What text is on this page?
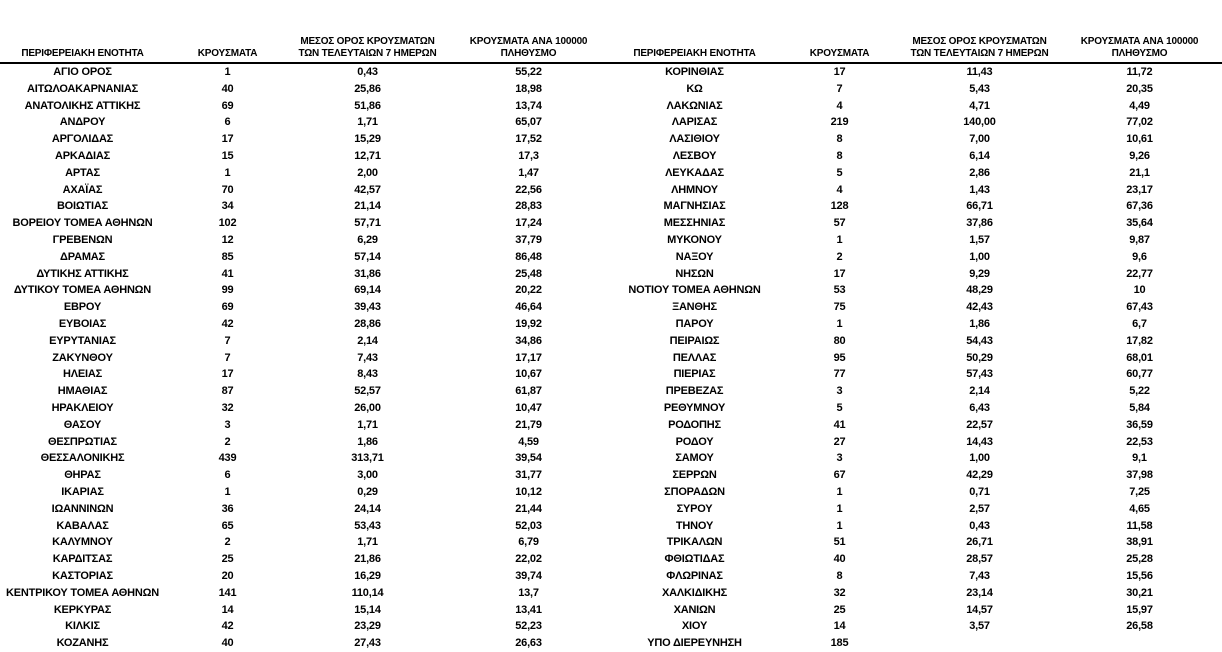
ΠΕΡΙΦΕΡΕΙΑΚΗ ΕΝΟΤΗΤΑ	ΚΡΟΥΣΜΑΤΑ	ΜΕΣΟΣ ΟΡΟΣ ΚΡΟΥΣΜΑΤΩΝ ΤΩΝ ΤΕΛΕΥΤΑΙΩΝ 7 ΗΜΕΡΩΝ	ΚΡΟΥΣΜΑΤΑ ΑΝΑ 100000 ΠΛΗΘΥΣΜΟ
ΑΓΙΟ ΟΡΟΣ	1	0,43	55,22
ΑΙΤΩΛΟΑΚΑΡΝΑΝΙΑΣ	40	25,86	18,98
ΑΝΑΤΟΛΙΚΗΣ ΑΤΤΙΚΗΣ	69	51,86	13,74
ΑΝΔΡΟΥ	6	1,71	65,07
ΑΡΓΟΛΙΔΑΣ	17	15,29	17,52
ΑΡΚΑΔΙΑΣ	15	12,71	17,3
ΑΡΤΑΣ	1	2,00	1,47
ΑΧΑΪΑΣ	70	42,57	22,56
ΒΟΙΩΤΙΑΣ	34	21,14	28,83
ΒΟΡΕΙΟΥ ΤΟΜΕΑ ΑΘΗΝΩΝ	102	57,71	17,24
ΓΡΕΒΕΝΩΝ	12	6,29	37,79
ΔΡΑΜΑΣ	85	57,14	86,48
ΔΥΤΙΚΗΣ ΑΤΤΙΚΗΣ	41	31,86	25,48
ΔΥΤΙΚΟΥ ΤΟΜΕΑ ΑΘΗΝΩΝ	99	69,14	20,22
ΕΒΡΟΥ	69	39,43	46,64
ΕΥΒΟΙΑΣ	42	28,86	19,92
ΕΥΡΥΤΑΝΙΑΣ	7	2,14	34,86
ΖΑΚΥΝΘΟΥ	7	7,43	17,17
ΗΛΕΙΑΣ	17	8,43	10,67
ΗΜΑΘΙΑΣ	87	52,57	61,87
ΗΡΑΚΛΕΙΟΥ	32	26,00	10,47
ΘΑΣΟΥ	3	1,71	21,79
ΘΕΣΠΡΩΤΙΑΣ	2	1,86	4,59
ΘΕΣΣΑΛΟΝΙΚΗΣ	439	313,71	39,54
ΘΗΡΑΣ	6	3,00	31,77
ΙΚΑΡΙΑΣ	1	0,29	10,12
ΙΩΑΝΝΙΝΩΝ	36	24,14	21,44
ΚΑΒΑΛΑΣ	65	53,43	52,03
ΚΑΛΥΜΝΟΥ	2	1,71	6,79
ΚΑΡΔΙΤΣΑΣ	25	21,86	22,02
ΚΑΣΤΟΡΙΑΣ	20	16,29	39,74
ΚΕΝΤΡΙΚΟΥ ΤΟΜΕΑ ΑΘΗΝΩΝ	141	110,14	13,7
ΚΕΡΚΥΡΑΣ	14	15,14	13,41
ΚΙΛΚΙΣ	42	23,29	52,23
ΚΟΖΑΝΗΣ	40	27,43	26,63
ΠΕΡΙΦΕΡΕΙΑΚΗ ΕΝΟΤΗΤΑ	ΚΡΟΥΣΜΑΤΑ	ΜΕΣΟΣ ΟΡΟΣ ΚΡΟΥΣΜΑΤΩΝ ΤΩΝ ΤΕΛΕΥΤΑΙΩΝ 7 ΗΜΕΡΩΝ	ΚΡΟΥΣΜΑΤΑ ΑΝΑ 100000 ΠΛΗΘΥΣΜΟ
ΚΟΡΙΝΘΙΑΣ	17	11,43	11,72
ΚΩ	7	5,43	20,35
ΛΑΚΩΝΙΑΣ	4	4,71	4,49
ΛΑΡΙΣΑΣ	219	140,00	77,02
ΛΑΣΙΘΙΟΥ	8	7,00	10,61
ΛΕΣΒΟΥ	8	6,14	9,26
ΛΕΥΚΑΔΑΣ	5	2,86	21,1
ΛΗΜΝΟΥ	4	1,43	23,17
ΜΑΓΝΗΣΙΑΣ	128	66,71	67,36
ΜΕΣΣΗΝΙΑΣ	57	37,86	35,64
ΜΥΚΟΝΟΥ	1	1,57	9,87
ΝΑΞΟΥ	2	1,00	9,6
ΝΗΣΩΝ	17	9,29	22,77
ΝΟΤΙΟΥ ΤΟΜΕΑ ΑΘΗΝΩΝ	53	48,29	10
ΞΑΝΘΗΣ	75	42,43	67,43
ΠΑΡΟΥ	1	1,86	6,7
ΠΕΙΡΑΙΩΣ	80	54,43	17,82
ΠΕΛΛΑΣ	95	50,29	68,01
ΠΙΕΡΙΑΣ	77	57,43	60,77
ΠΡΕΒΕΖΑΣ	3	2,14	5,22
ΡΕΘΥΜΝΟΥ	5	6,43	5,84
ΡΟΔΟΠΗΣ	41	22,57	36,59
ΡΟΔΟΥ	27	14,43	22,53
ΣΑΜΟΥ	3	1,00	9,1
ΣΕΡΡΩΝ	67	42,29	37,98
ΣΠΟΡΑΔΩΝ	1	0,71	7,25
ΣΥΡΟΥ	1	2,57	4,65
ΤΗΝΟΥ	1	0,43	11,58
ΤΡΙΚΑΛΩΝ	51	26,71	38,91
ΦΘΙΩΤΙΔΑΣ	40	28,57	25,28
ΦΛΩΡΙΝΑΣ	8	7,43	15,56
ΧΑΛΚΙΔΙΚΗΣ	32	23,14	30,21
ΧΑΝΙΩΝ	25	14,57	15,97
ΧΙΟΥ	14	3,57	26,58
ΥΠΟ ΔΙΕΡΕΥΝΗΣΗ	185		
